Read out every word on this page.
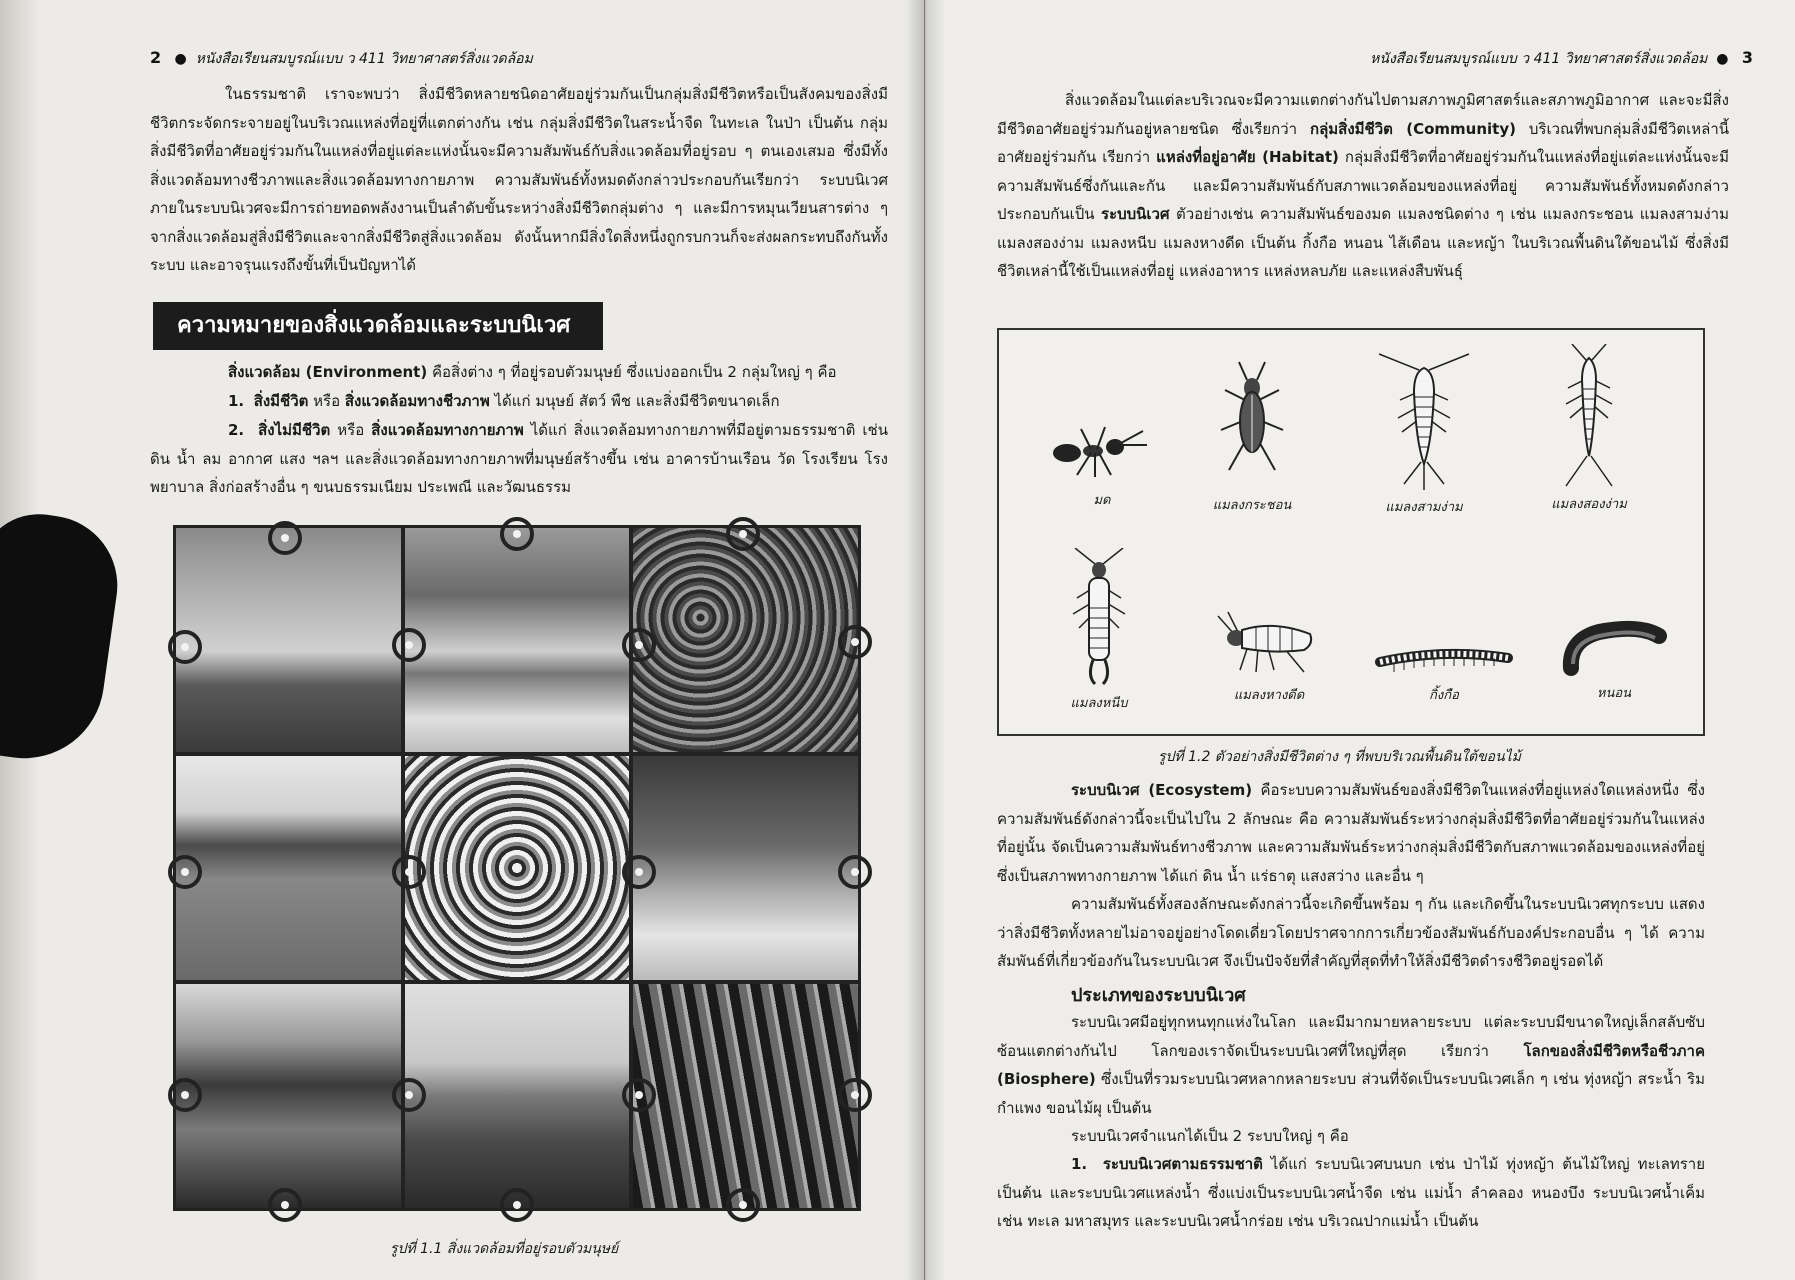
2 ● หนังสือเรียนสมบูรณ์แบบ ว 411 วิทยาศาสตร์สิ่งแวดล้อม

ในธรรมชาติ เราจะพบว่า สิ่งมีชีวิตหลายชนิดอาศัยอยู่ร่วมกันเป็นกลุ่มสิ่งมีชีวิตหรือเป็นสังคมของสิ่งมีชีวิตกระจัดกระจายอยู่ในบริเวณแหล่งที่อยู่ที่แตกต่างกัน เช่น กลุ่มสิ่งมีชีวิตในสระน้ำจืด ในทะเล ในป่า เป็นต้น กลุ่มสิ่งมีชีวิตที่อาศัยอยู่ร่วมกันในแหล่งที่อยู่แต่ละแห่งนั้นจะมีความสัมพันธ์กับสิ่งแวดล้อมที่อยู่รอบ ๆ ตนเองเสมอ ซึ่งมีทั้งสิ่งแวดล้อมทางชีวภาพและสิ่งแวดล้อมทางกายภาพ ความสัมพันธ์ทั้งหมดดังกล่าวประกอบกันเรียกว่า ระบบนิเวศ ภายในระบบนิเวศจะมีการถ่ายทอดพลังงานเป็นลำดับขั้นระหว่างสิ่งมีชีวิตกลุ่มต่าง ๆ และมีการหมุนเวียนสารต่าง ๆ จากสิ่งแวดล้อมสู่สิ่งมีชีวิตและจากสิ่งมีชีวิตสู่สิ่งแวดล้อม ดังนั้นหากมีสิ่งใดสิ่งหนึ่งถูกรบกวนก็จะส่งผลกระทบถึงกันทั้งระบบ และอาจรุนแรงถึงขั้นที่เป็นปัญหาได้

ความหมายของสิ่งแวดล้อมและระบบนิเวศ

สิ่งแวดล้อม (Environment) คือสิ่งต่าง ๆ ที่อยู่รอบตัวมนุษย์ ซึ่งแบ่งออกเป็น 2 กลุ่มใหญ่ ๆ คือ

1. สิ่งมีชีวิต หรือ สิ่งแวดล้อมทางชีวภาพ ได้แก่ มนุษย์ สัตว์ พืช และสิ่งมีชีวิตขนาดเล็ก

2. สิ่งไม่มีชีวิต หรือ สิ่งแวดล้อมทางกายภาพ ได้แก่ สิ่งแวดล้อมทางกายภาพที่มีอยู่ตามธรรมชาติ เช่น ดิน น้ำ ลม อากาศ แสง ฯลฯ และสิ่งแวดล้อมทางกายภาพที่มนุษย์สร้างขึ้น เช่น อาคารบ้านเรือน วัด โรงเรียน โรงพยาบาล สิ่งก่อสร้างอื่น ๆ ขนบธรรมเนียม ประเพณี และวัฒนธรรม

รูปที่ 1.1 สิ่งแวดล้อมที่อยู่รอบตัวมนุษย์
หนังสือเรียนสมบูรณ์แบบ ว 411 วิทยาศาสตร์สิ่งแวดล้อม ● 3

สิ่งแวดล้อมในแต่ละบริเวณจะมีความแตกต่างกันไปตามสภาพภูมิศาสตร์และสภาพภูมิอากาศ และจะมีสิ่งมีชีวิตอาศัยอยู่ร่วมกันอยู่หลายชนิด ซึ่งเรียกว่า กลุ่มสิ่งมีชีวิต (Community) บริเวณที่พบกลุ่มสิ่งมีชีวิตเหล่านี้อาศัยอยู่ร่วมกัน เรียกว่า แหล่งที่อยู่อาศัย (Habitat) กลุ่มสิ่งมีชีวิตที่อาศัยอยู่ร่วมกันในแหล่งที่อยู่แต่ละแห่งนั้นจะมีความสัมพันธ์ซึ่งกันและกัน และมีความสัมพันธ์กับสภาพแวดล้อมของแหล่งที่อยู่ ความสัมพันธ์ทั้งหมดดังกล่าวประกอบกันเป็น ระบบนิเวศ ตัวอย่างเช่น ความสัมพันธ์ของมด แมลงชนิดต่าง ๆ เช่น แมลงกระชอน แมลงสามง่าม แมลงสองง่าม แมลงหนีบ แมลงหางดีด เป็นต้น กิ้งกือ หนอน ไส้เดือน และหญ้า ในบริเวณพื้นดินใต้ขอนไม้ ซึ่งสิ่งมีชีวิตเหล่านี้ใช้เป็นแหล่งที่อยู่ แหล่งอาหาร แหล่งหลบภัย และแหล่งสืบพันธุ์

มด	แมลงกระชอน	แมลงสามง่าม	แมลงสองง่าม
แมลงหนีบ
แมลงหางดีด	กิ้งกือ	หนอน
รูปที่ 1.2 ตัวอย่างสิ่งมีชีวิตต่าง ๆ ที่พบบริเวณพื้นดินใต้ขอนไม้

ระบบนิเวศ (Ecosystem) คือระบบความสัมพันธ์ของสิ่งมีชีวิตในแหล่งที่อยู่แหล่งใดแหล่งหนึ่ง ซึ่งความสัมพันธ์ดังกล่าวนี้จะเป็นไปใน 2 ลักษณะ คือ ความสัมพันธ์ระหว่างกลุ่มสิ่งมีชีวิตที่อาศัยอยู่ร่วมกันในแหล่งที่อยู่นั้น จัดเป็นความสัมพันธ์ทางชีวภาพ และความสัมพันธ์ระหว่างกลุ่มสิ่งมีชีวิตกับสภาพแวดล้อมของแหล่งที่อยู่ ซึ่งเป็นสภาพทางกายภาพ ได้แก่ ดิน น้ำ แร่ธาตุ แสงสว่าง และอื่น ๆ

ความสัมพันธ์ทั้งสองลักษณะดังกล่าวนี้จะเกิดขึ้นพร้อม ๆ กัน และเกิดขึ้นในระบบนิเวศทุกระบบ แสดงว่าสิ่งมีชีวิตทั้งหลายไม่อาจอยู่อย่างโดดเดี่ยวโดยปราศจากการเกี่ยวข้องสัมพันธ์กับองค์ประกอบอื่น ๆ ได้ ความสัมพันธ์ที่เกี่ยวข้องกันในระบบนิเวศ จึงเป็นปัจจัยที่สำคัญที่สุดที่ทำให้สิ่งมีชีวิตดำรงชีวิตอยู่รอดได้

ประเภทของระบบนิเวศ

ระบบนิเวศมีอยู่ทุกหนทุกแห่งในโลก และมีมากมายหลายระบบ แต่ละระบบมีขนาดใหญ่เล็กสลับซับซ้อนแตกต่างกันไป โลกของเราจัดเป็นระบบนิเวศที่ใหญ่ที่สุด เรียกว่า โลกของสิ่งมีชีวิตหรือชีวภาค (Biosphere) ซึ่งเป็นที่รวมระบบนิเวศหลากหลายระบบ ส่วนที่จัดเป็นระบบนิเวศเล็ก ๆ เช่น ทุ่งหญ้า สระน้ำ ริมกำแพง ขอนไม้ผุ เป็นต้น

ระบบนิเวศจำแนกได้เป็น 2 ระบบใหญ่ ๆ คือ

1. ระบบนิเวศตามธรรมชาติ ได้แก่ ระบบนิเวศบนบก เช่น ป่าไม้ ทุ่งหญ้า ต้นไม้ใหญ่ ทะเลทราย เป็นต้น และระบบนิเวศแหล่งน้ำ ซึ่งแบ่งเป็นระบบนิเวศน้ำจืด เช่น แม่น้ำ ลำคลอง หนองบึง ระบบนิเวศน้ำเค็ม เช่น ทะเล มหาสมุทร และระบบนิเวศน้ำกร่อย เช่น บริเวณปากแม่น้ำ เป็นต้น
